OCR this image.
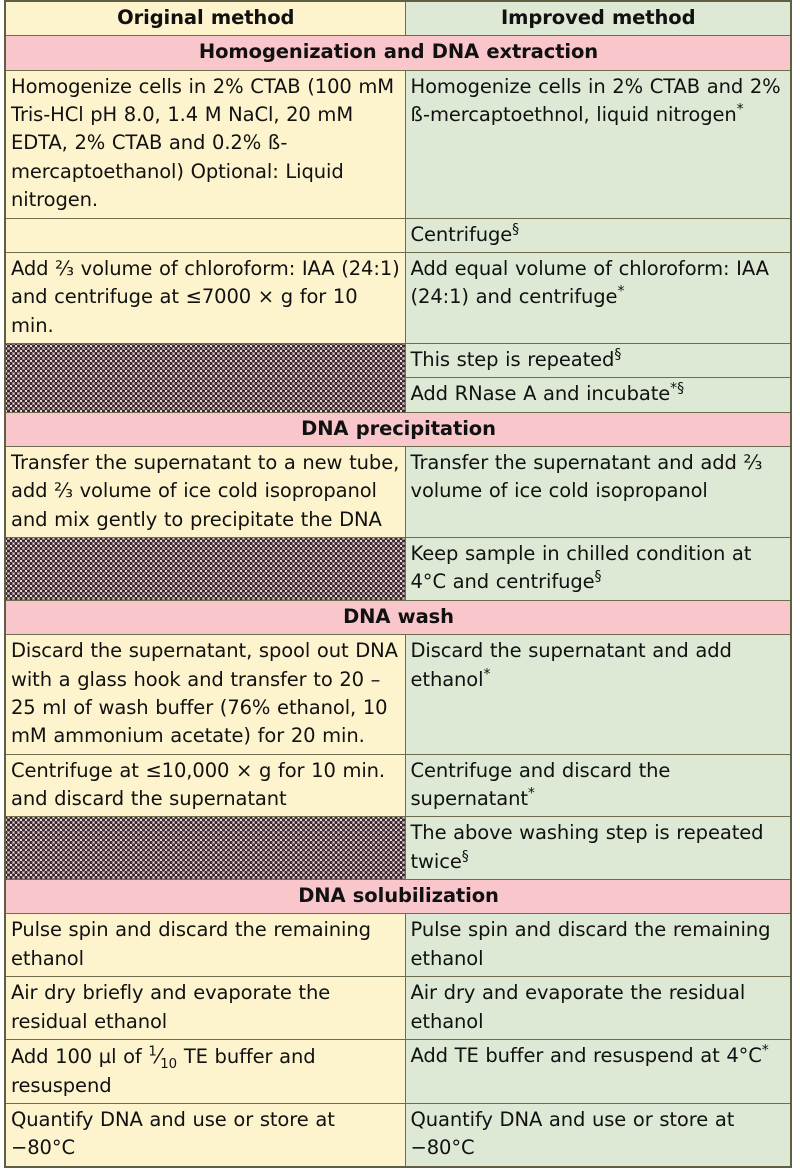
Original method	Improved method
Homogenization and DNA extraction	
Homogenize cells in 2% CTAB (100 mM Tris-HCl pH 8.0, 1.4 M NaCl, 20 mM EDTA, 2% CTAB and 0.2% ß-mercaptoethanol) Optional: Liquid nitrogen.	Homogenize cells in 2% CTAB and 2% ß-mercaptoethnol, liquid nitrogen*
	Centrifuge§
Add ⅔ volume of chloroform: IAA (24:1) and centrifuge at ≤7000 × g for 10 min.	Add equal volume of chloroform: IAA (24:1) and centrifuge*
	This step is repeated§
	Add RNase A and incubate*§
DNA precipitation	
Transfer the supernatant to a new tube, add ⅔ volume of ice cold isopropanol and mix gently to precipitate the DNA	Transfer the supernatant and add ⅔ volume of ice cold isopropanol
	Keep sample in chilled condition at 4°C and centrifuge§
DNA wash	
Discard the supernatant, spool out DNA with a glass hook and transfer to 20 – 25 ml of wash buffer (76% ethanol, 10 mM ammonium acetate) for 20 min.	Discard the supernatant and add ethanol*
Centrifuge at ≤10,000 × g for 10 min. and discard the supernatant	Centrifuge and discard the supernatant*
	The above washing step is repeated twice§
DNA solubilization	
Pulse spin and discard the remaining ethanol	Pulse spin and discard the remaining ethanol
Air dry briefly and evaporate the residual ethanol	Air dry and evaporate the residual ethanol
Add 100 µl of $^1⁄_{10}$ TE buffer and resuspend	Add TE buffer and resuspend at 4°C*
Quantify DNA and use or store at −80°C	Quantify DNA and use or store at −80°C
